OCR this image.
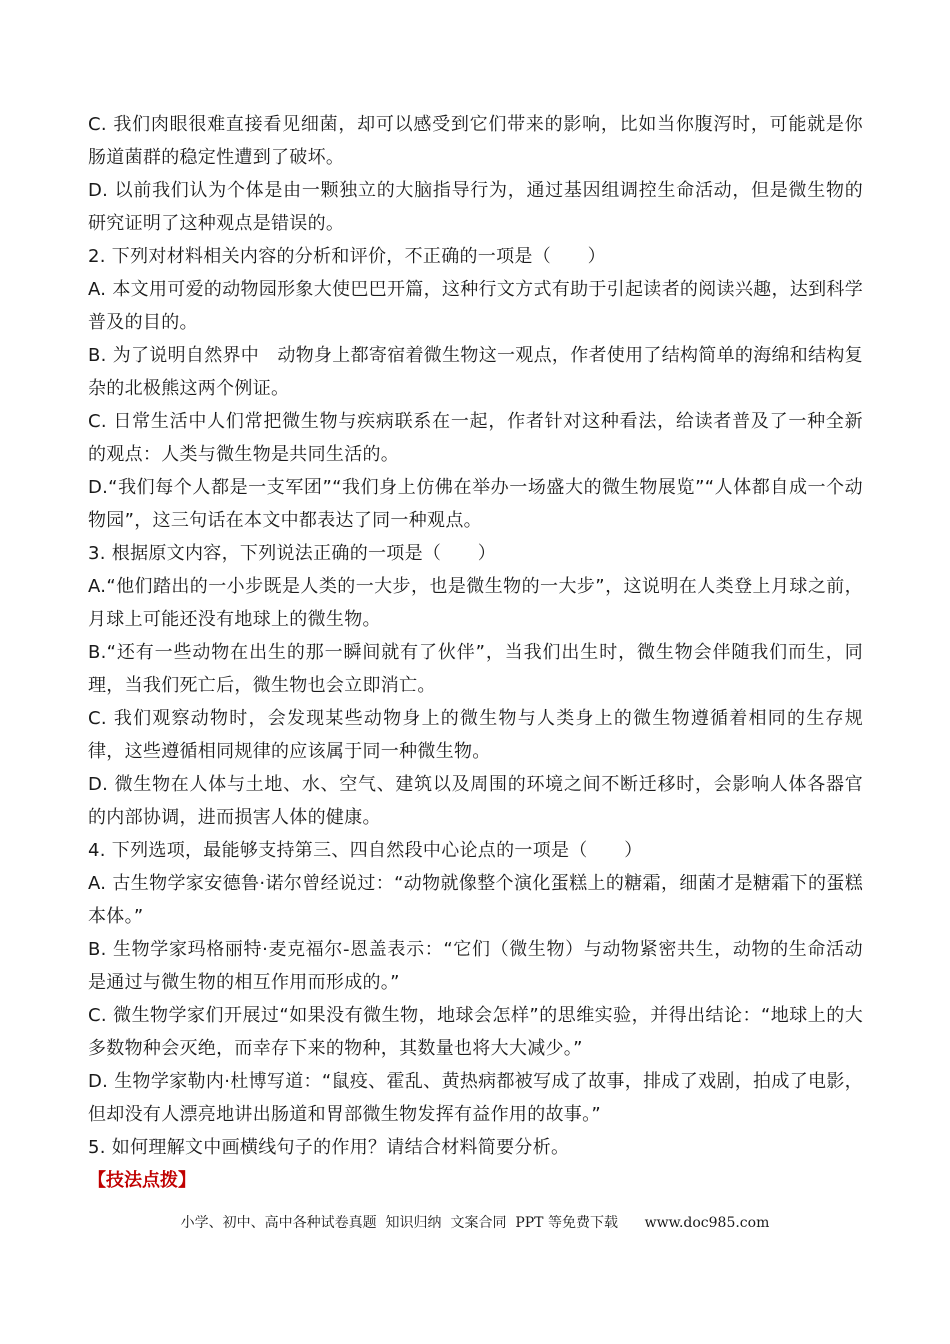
C. 我们肉眼很难直接看见细菌，却可以感受到它们带来的影响，比如当你腹泻时，可能就是你肠道菌群的稳定性遭到了破坏。

D. 以前我们认为个体是由一颗独立的大脑指导行为，通过基因组调控生命活动，但是微生物的研究证明了这种观点是错误的。

2. 下列对材料相关内容的分析和评价，不正确的一项是（　　）

A. 本文用可爱的动物园形象大使巴巴开篇，这种行文方式有助于引起读者的阅读兴趣，达到科学普及的目的。

B. 为了说明自然界中　动物身上都寄宿着微生物这一观点，作者使用了结构简单的海绵和结构复杂的北极熊这两个例证。

C. 日常生活中人们常把微生物与疾病联系在一起，作者针对这种看法，给读者普及了一种全新的观点：人类与微生物是共同生活的。

D.“我们每个人都是一支军团”“我们身上仿佛在举办一场盛大的微生物展览”“人体都自成一个动物园”，这三句话在本文中都表达了同一种观点。

3. 根据原文内容，下列说法正确的一项是（　　）

A.“他们踏出的一小步既是人类的一大步，也是微生物的一大步”，这说明在人类登上月球之前，月球上可能还没有地球上的微生物。

B.“还有一些动物在出生的那一瞬间就有了伙伴”，当我们出生时，微生物会伴随我们而生，同理，当我们死亡后，微生物也会立即消亡。

C. 我们观察动物时，会发现某些动物身上的微生物与人类身上的微生物遵循着相同的生存规律，这些遵循相同规律的应该属于同一种微生物。

D. 微生物在人体与土地、水、空气、建筑以及周围的环境之间不断迁移时，会影响人体各器官的内部协调，进而损害人体的健康。

4. 下列选项，最能够支持第三、四自然段中心论点的一项是（　　）

A. 古生物学家安德鲁·诺尔曾经说过：“动物就像整个演化蛋糕上的糖霜，细菌才是糖霜下的蛋糕本体。”

B. 生物学家玛格丽特·麦克福尔-恩盖表示：“它们（微生物）与动物紧密共生，动物的生命活动是通过与微生物的相互作用而形成的。”

C. 微生物学家们开展过“如果没有微生物，地球会怎样”的思维实验，并得出结论：“地球上的大多数物种会灭绝，而幸存下来的物种，其数量也将大大减少。”

D. 生物学家勒内·杜博写道：“鼠疫、霍乱、黄热病都被写成了故事，排成了戏剧，拍成了电影，但却没有人漂亮地讲出肠道和胃部微生物发挥有益作用的故事。”

5. 如何理解文中画横线句子的作用？请结合材料简要分析。

【技法点拨】

小学、初中、高中各种试卷真题  知识归纳  文案合同  PPT 等免费下载      www.doc985.com
